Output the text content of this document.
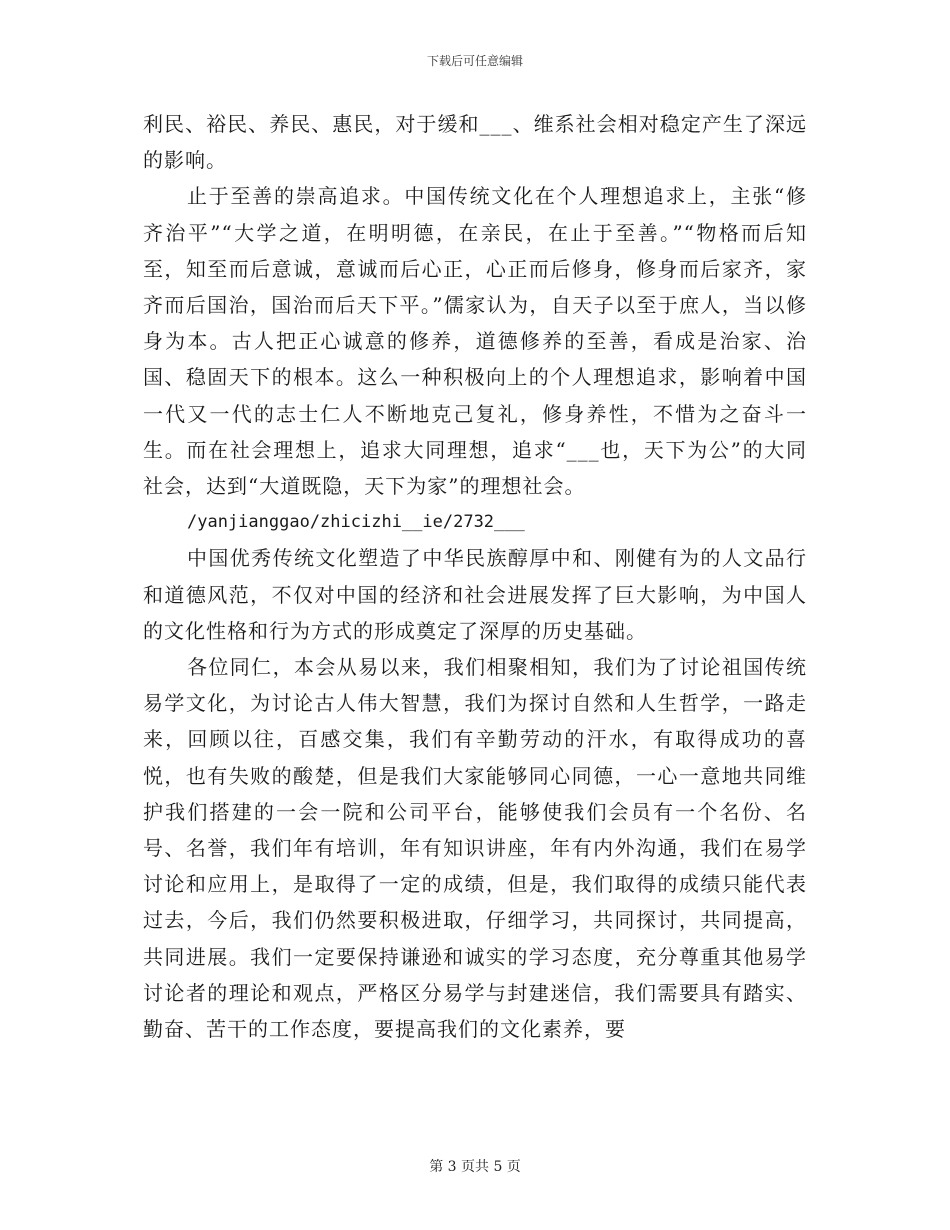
下载后可任意编辑

利民、裕民、养民、惠民，对于缓和___、维系社会相对稳定产生了深远的影响。

止于至善的崇高追求。中国传统文化在个人理想追求上，主张“修齐治平”“大学之道，在明明德，在亲民，在止于至善。”“物格而后知至，知至而后意诚，意诚而后心正，心正而后修身，修身而后家齐，家齐而后国治，国治而后天下平。”儒家认为，自天子以至于庶人，当以修身为本。古人把正心诚意的修养，道德修养的至善，看成是治家、治国、稳固天下的根本。这么一种积极向上的个人理想追求，影响着中国一代又一代的志士仁人不断地克己复礼，修身养性，不惜为之奋斗一生。而在社会理想上，追求大同理想，追求“___也，天下为公”的大同社会，达到“大道既隐，天下为家”的理想社会。

/yanjianggao/zhicizhi__ie/2732___

中国优秀传统文化塑造了中华民族醇厚中和、刚健有为的人文品行和道德风范，不仅对中国的经济和社会进展发挥了巨大影响，为中国人的文化性格和行为方式的形成奠定了深厚的历史基础。

各位同仁，本会从易以来，我们相聚相知，我们为了讨论祖国传统易学文化，为讨论古人伟大智慧，我们为探讨自然和人生哲学，一路走来，回顾以往，百感交集，我们有辛勤劳动的汗水，有取得成功的喜悦，也有失败的酸楚，但是我们大家能够同心同德，一心一意地共同维护我们搭建的一会一院和公司平台，能够使我们会员有一个名份、名号、名誉，我们年有培训，年有知识讲座，年有内外沟通，我们在易学讨论和应用上，是取得了一定的成绩，但是，我们取得的成绩只能代表过去，今后，我们仍然要积极进取，仔细学习，共同探讨，共同提高，共同进展。我们一定要保持谦逊和诚实的学习态度，充分尊重其他易学讨论者的理论和观点，严格区分易学与封建迷信，我们需要具有踏实、勤奋、苦干的工作态度，要提高我们的文化素养，要

第 3 页共 5 页
